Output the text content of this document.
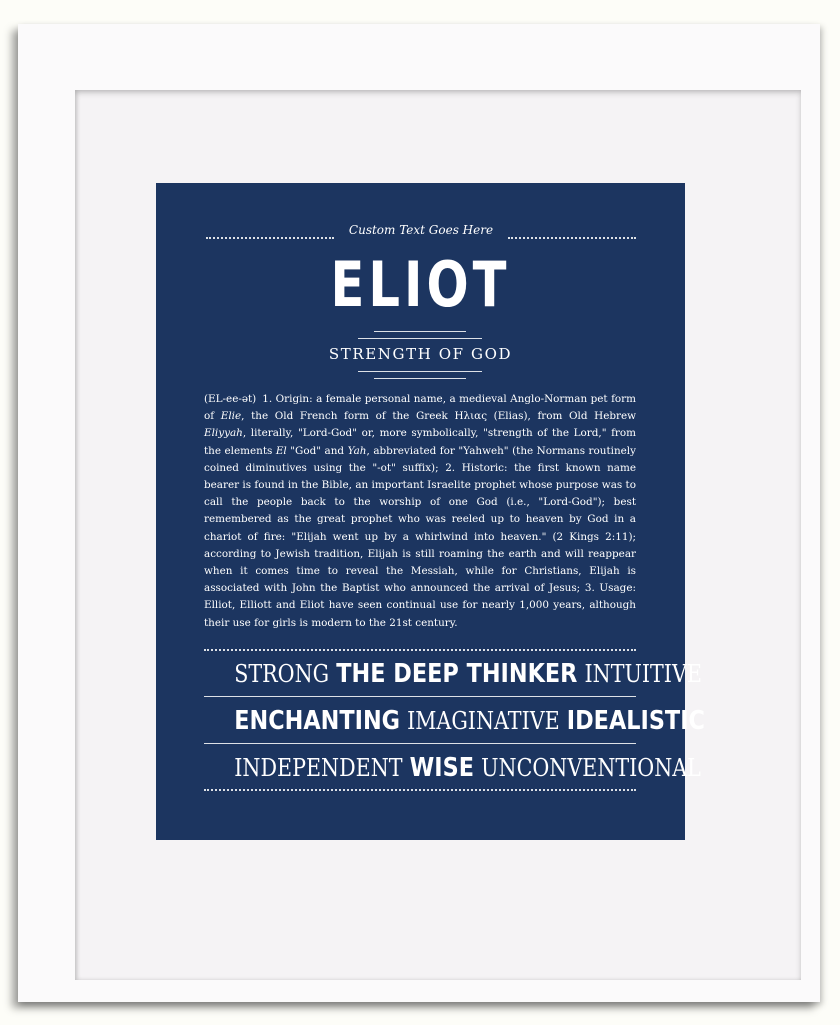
Custom Text Goes Here
ELIOT
STRENGTH OF GOD

(EL-ee-ət) 1. Origin: a female personal name, a medieval Anglo-Norman pet form of Elie, the Old French form of the Greek Ηλιας (Elias), from Old Hebrew Eliyyah, literally, "Lord-God" or, more symbolically, "strength of the Lord," from the elements El "God" and Yah, abbreviated for "Yahweh" (the Normans routinely coined diminutives using the "-ot" suffix); 2. Historic: the first known name bearer is found in the Bible, an important Israelite prophet whose purpose was to call the people back to the worship of one God (i.e., "Lord-God"); best remembered as the great prophet who was reeled up to heaven by God in a chariot of fire: "Elijah went up by a whirlwind into heaven." (2 Kings 2:11); according to Jewish tradition, Elijah is still roaming the earth and will reappear when it comes time to reveal the Messiah, while for Christians, Elijah is associated with John the Baptist who announced the arrival of Jesus; 3. Usage: Elliot, Elliott and Eliot have seen continual use for nearly 1,000 years, although their use for girls is modern to the 21st century.

STRONG THE DEEP THINKER INTUITIVE
ENCHANTING IMAGINATIVE IDEALISTIC
INDEPENDENT WISE UNCONVENTIONAL
